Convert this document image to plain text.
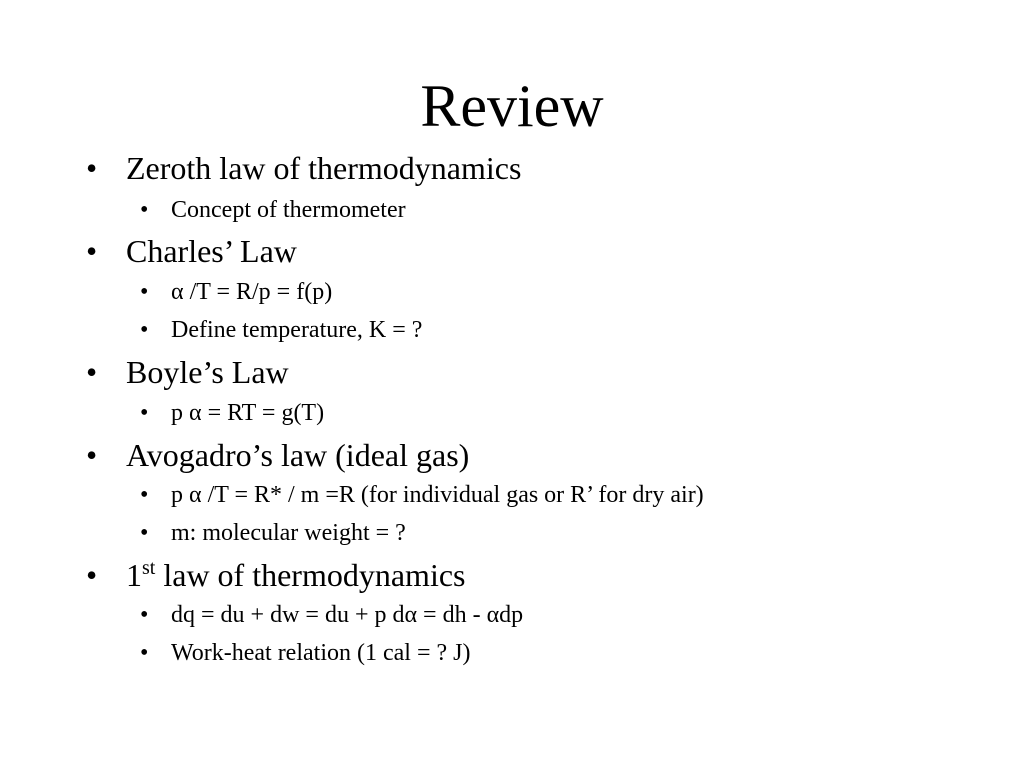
Review
• Zeroth law of thermodynamics
• Concept of thermometer
• Charles’ Law
• α /T = R/p = f(p)
• Define temperature, K = ?
• Boyle’s Law
• p α = RT = g(T)
• Avogadro’s law (ideal gas)
• p α /T = R* / m =R (for individual gas or R’ for dry air)
• m: molecular weight = ?
• 1st law of thermodynamics
• dq = du + dw = du + p dα = dh - αdp
• Work-heat relation (1 cal = ? J)
